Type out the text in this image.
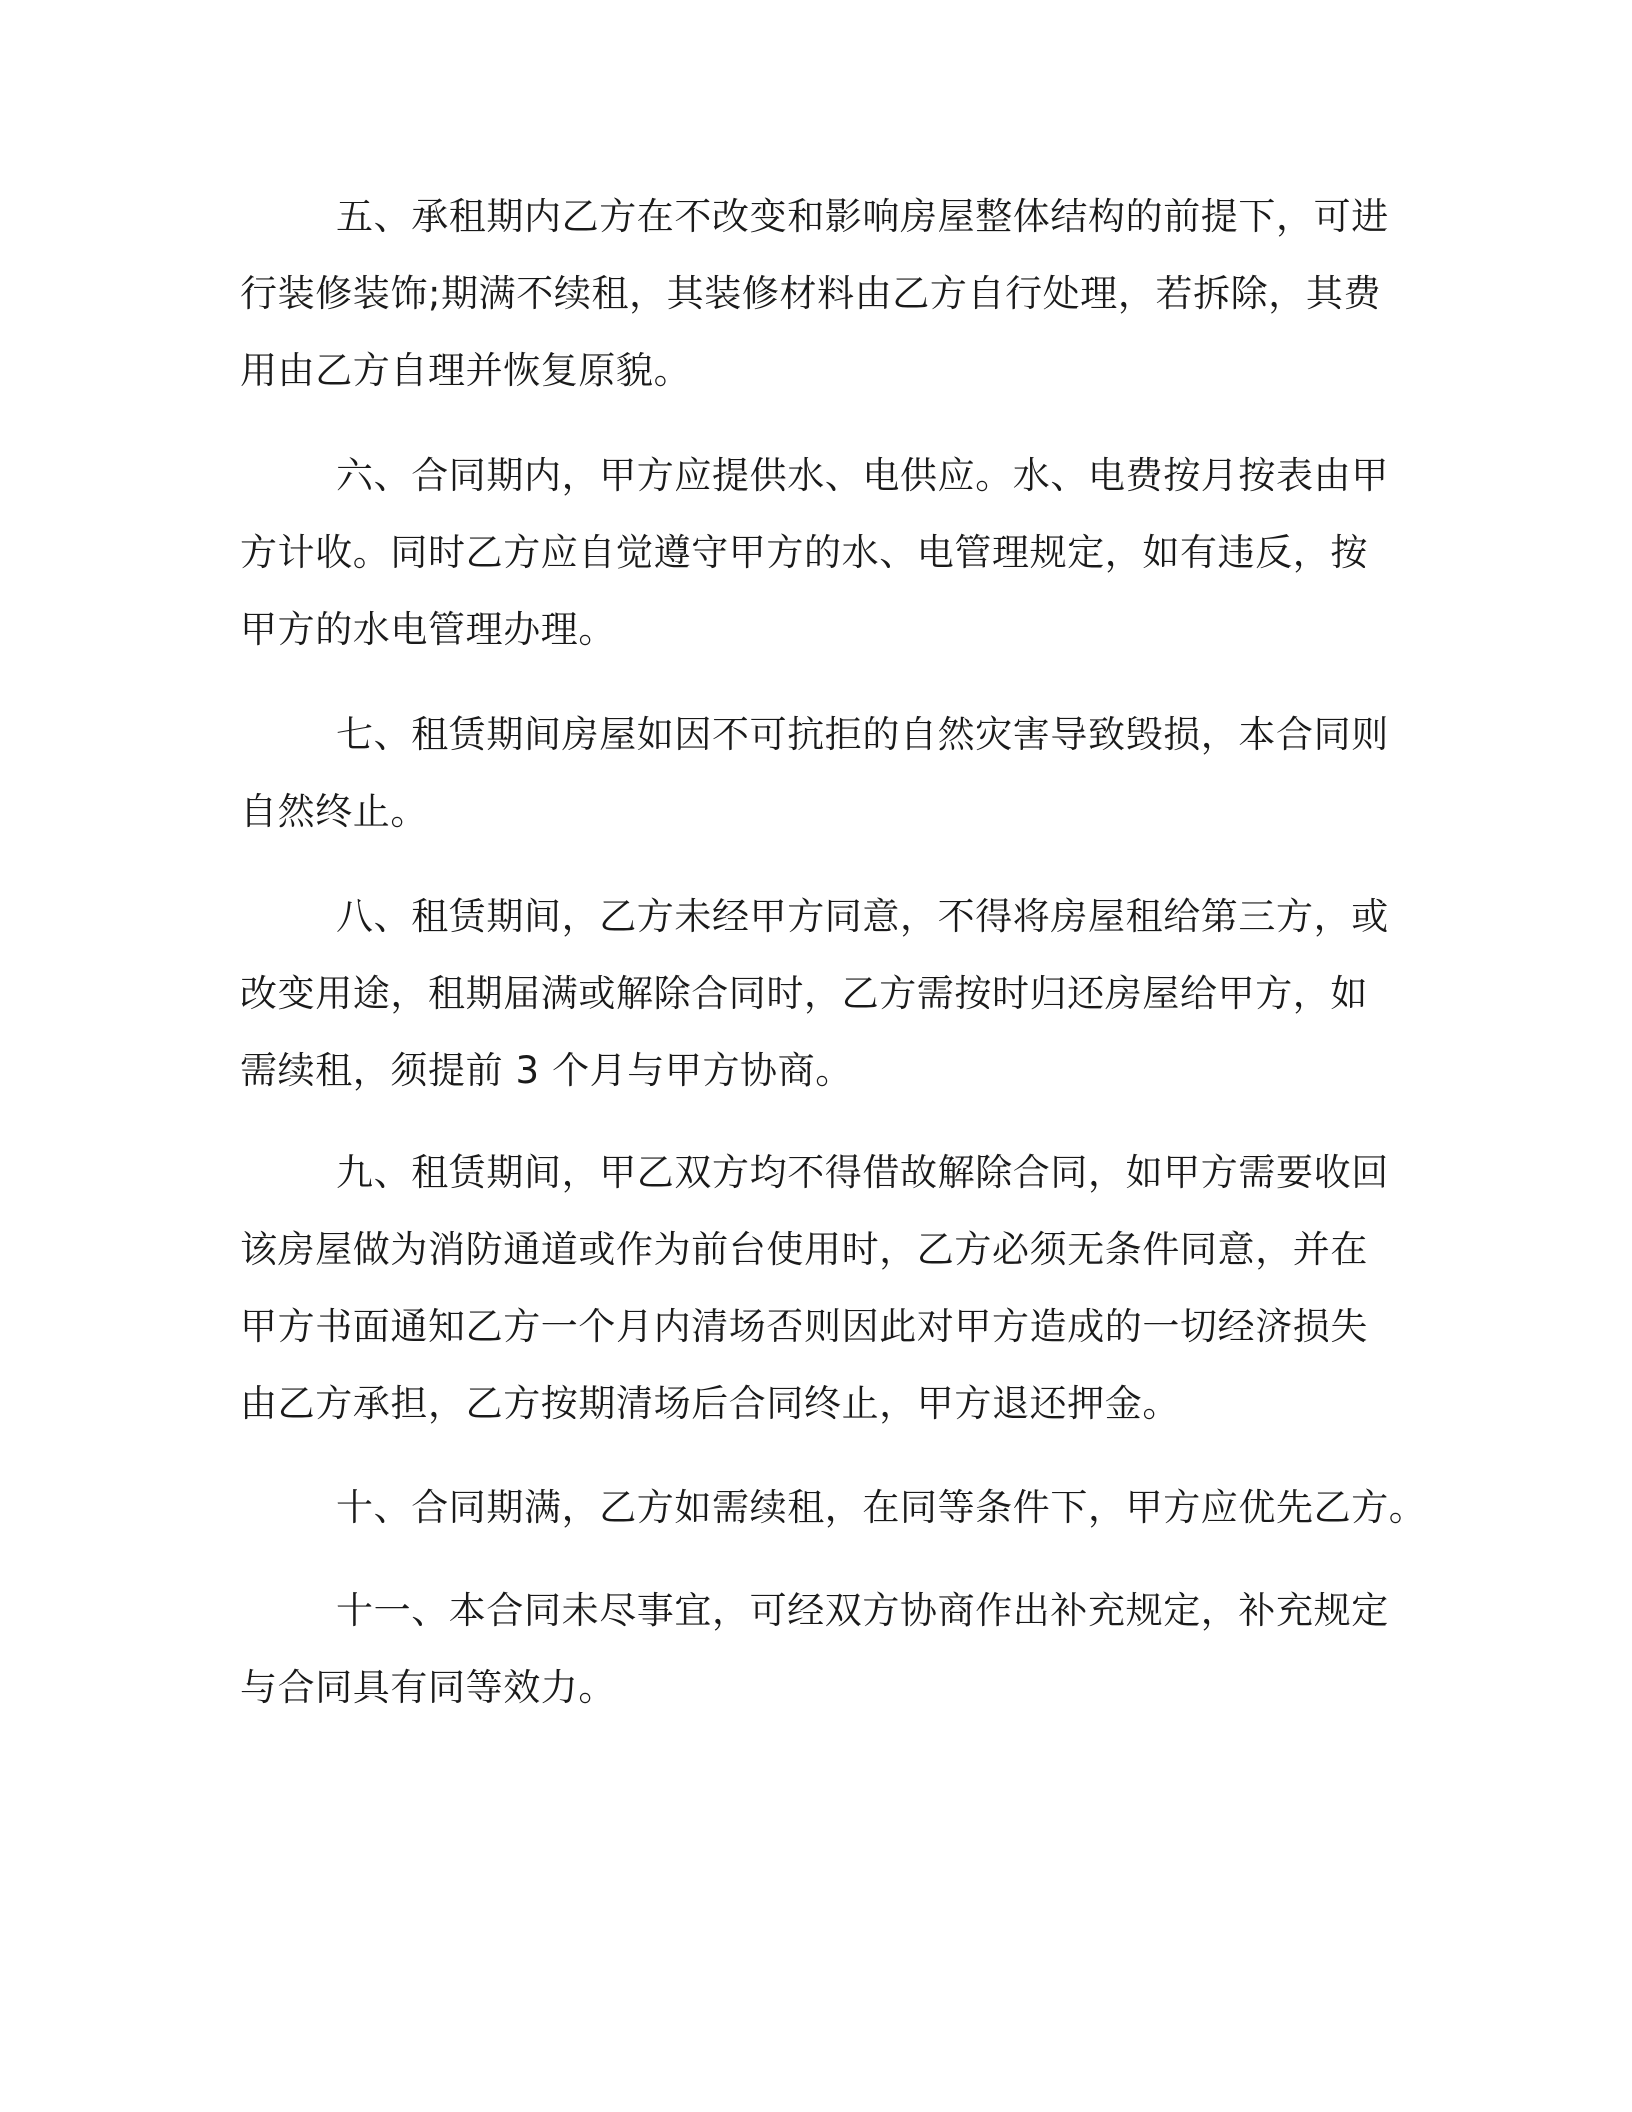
五、承租期内乙方在不改变和影响房屋整体结构的前提下，可进
行装修装饰;期满不续租，其装修材料由乙方自行处理，若拆除，其费
用由乙方自理并恢复原貌。
六、合同期内，甲方应提供水、电供应。水、电费按月按表由甲
方计收。同时乙方应自觉遵守甲方的水、电管理规定，如有违反，按
甲方的水电管理办理。
七、租赁期间房屋如因不可抗拒的自然灾害导致毁损，本合同则
自然终止。
八、租赁期间，乙方未经甲方同意，不得将房屋租给第三方，或
改变用途，租期届满或解除合同时，乙方需按时归还房屋给甲方，如
需续租，须提前 3 个月与甲方协商。
九、租赁期间，甲乙双方均不得借故解除合同，如甲方需要收回
该房屋做为消防通道或作为前台使用时，乙方必须无条件同意，并在
甲方书面通知乙方一个月内清场否则因此对甲方造成的一切经济损失
由乙方承担，乙方按期清场后合同终止，甲方退还押金。
十、合同期满，乙方如需续租，在同等条件下，甲方应优先乙方。
十一、本合同未尽事宜，可经双方协商作出补充规定，补充规定
与合同具有同等效力。
